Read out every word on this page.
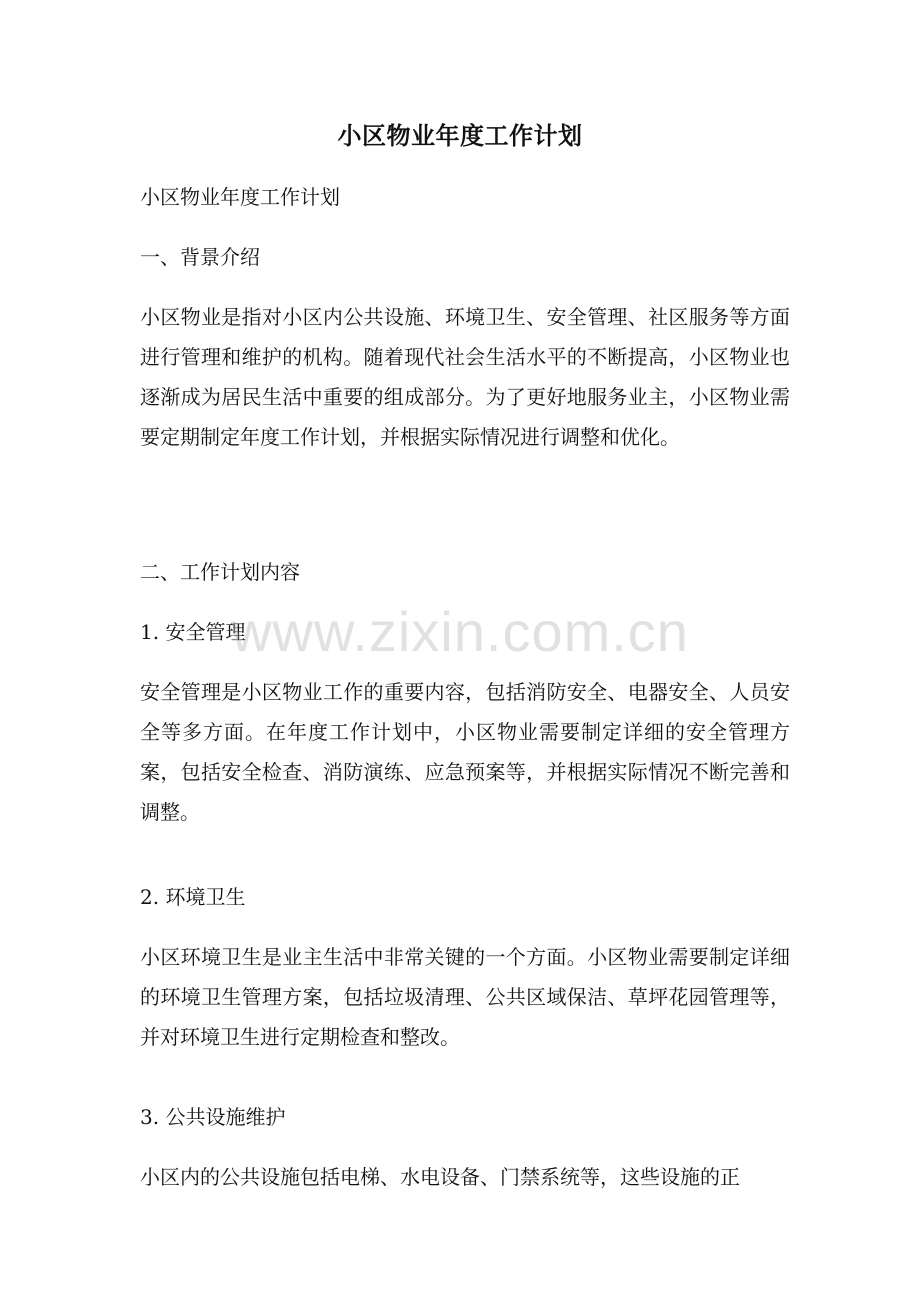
小区物业年度工作计划
小区物业年度工作计划
一、背景介绍
小区物业是指对小区内公共设施、环境卫生、安全管理、社区服务等方面进行管理和维护的机构。随着现代社会生活水平的不断提高，小区物业也逐渐成为居民生活中重要的组成部分。为了更好地服务业主，小区物业需要定期制定年度工作计划，并根据实际情况进行调整和优化。
二、工作计划内容
1. 安全管理
安全管理是小区物业工作的重要内容，包括消防安全、电器安全、人员安全等多方面。在年度工作计划中，小区物业需要制定详细的安全管理方案，包括安全检查、消防演练、应急预案等，并根据实际情况不断完善和调整。
2. 环境卫生
小区环境卫生是业主生活中非常关键的一个方面。小区物业需要制定详细的环境卫生管理方案，包括垃圾清理、公共区域保洁、草坪花园管理等，并对环境卫生进行定期检查和整改。
3. 公共设施维护
小区内的公共设施包括电梯、水电设备、门禁系统等，这些设施的正
www.zixin.com.cn
